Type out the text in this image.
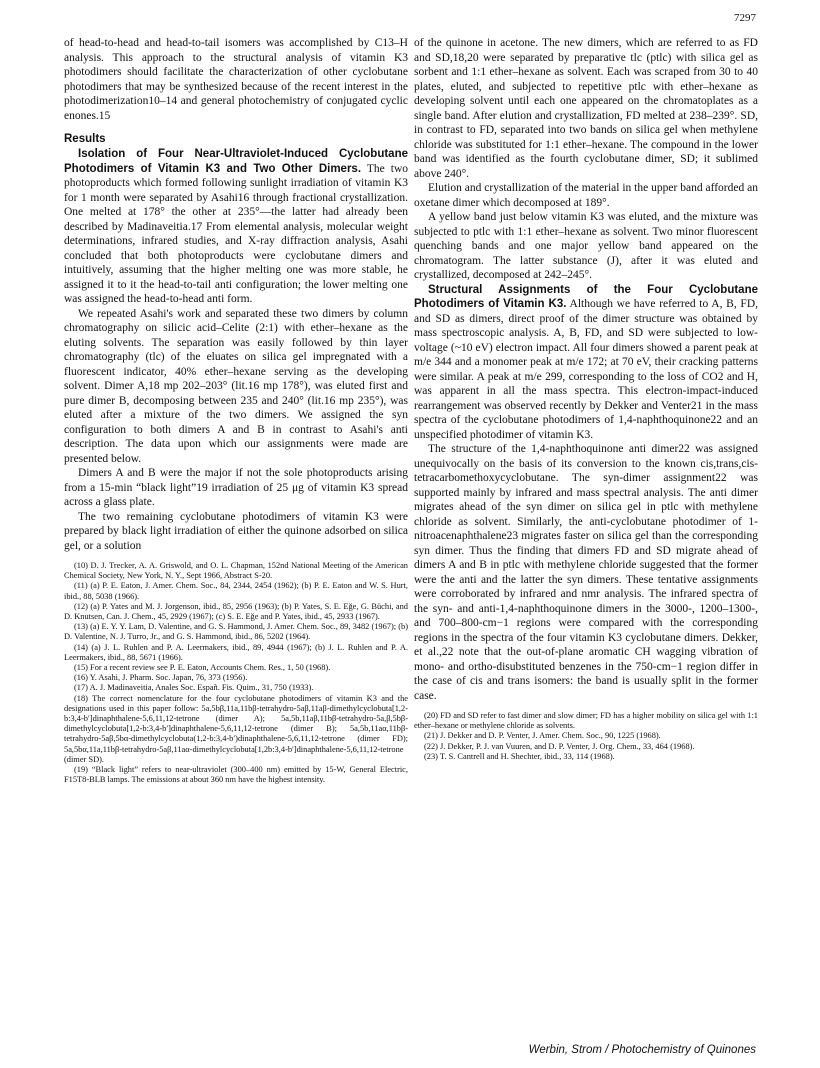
7297

of head-to-head and head-to-tail isomers was accomplished by C13–H analysis. This approach to the structural analysis of vitamin K3 photodimers should facilitate the characterization of other cyclobutane photodimers that may be synthesized because of the recent interest in the photodimerization10–14 and general photochemistry of conjugated cyclic enones.15

Results

Isolation of Four Near-Ultraviolet-Induced Cyclobutane Photodimers of Vitamin K3 and Two Other Dimers. The two photoproducts which formed following sunlight irradiation of vitamin K3 for 1 month were separated by Asahi16 through fractional crystallization. One melted at 178° the other at 235°—the latter had already been described by Madinaveitia.17 From elemental analysis, molecular weight determinations, infrared studies, and X-ray diffraction analysis, Asahi concluded that both photoproducts were cyclobutane dimers and intuitively, assuming that the higher melting one was more stable, he assigned it to it the head-to-tail anti configuration; the lower melting one was assigned the head-to-head anti form.

We repeated Asahi's work and separated these two dimers by column chromatography on silicic acid–Celite (2:1) with ether–hexane as the eluting solvents. The separation was easily followed by thin layer chromatography (tlc) of the eluates on silica gel impregnated with a fluorescent indicator, 40% ether–hexane serving as the developing solvent. Dimer A,18 mp 202–203° (lit.16 mp 178°), was eluted first and pure dimer B, decomposing between 235 and 240° (lit.16 mp 235°), was eluted after a mixture of the two dimers. We assigned the syn configuration to both dimers A and B in contrast to Asahi's anti description. The data upon which our assignments were made are presented below.

Dimers A and B were the major if not the sole photoproducts arising from a 15-min “black light”19 irradiation of 25 μg of vitamin K3 spread across a glass plate.

The two remaining cyclobutane photodimers of vitamin K3 were prepared by black light irradiation of either the quinone adsorbed on silica gel, or a solution

(10) D. J. Trecker, A. A. Griswold, and O. L. Chapman, 152nd National Meeting of the American Chemical Society, New York, N. Y., Sept 1966, Abstract S-20.

(11) (a) P. E. Eaton, J. Amer. Chem. Soc., 84, 2344, 2454 (1962); (b) P. E. Eaton and W. S. Hurt, ibid., 88, 5038 (1966).

(12) (a) P. Yates and M. J. Jorgenson, ibid., 85, 2956 (1963); (b) P. Yates, S. E. Eğe, G. Büchi, and D. Knutsen, Can. J. Chem., 45, 2929 (1967); (c) S. E. Eğe and P. Yates, ibid., 45, 2933 (1967).

(13) (a) E. Y. Y. Lam, D. Valentine, and G. S. Hammond, J. Amer. Chem. Soc., 89, 3482 (1967); (b) D. Valentine, N. J. Turro, Jr., and G. S. Hammond, ibid., 86, 5202 (1964).

(14) (a) J. L. Ruhlen and P. A. Leermakers, ibid., 89, 4944 (1967); (b) J. L. Ruhlen and P. A. Leermakers, ibid., 88, 5671 (1966).

(15) For a recent review see P. E. Eaton, Accounts Chem. Res., 1, 50 (1968).

(16) Y. Asahi, J. Pharm. Soc. Japan, 76, 373 (1956).

(17) A. J. Madinaveitia, Anales Soc. Españ. Fis. Quim., 31, 750 (1933).

(18) The correct nomenclature for the four cyclobutane photodimers of vitamin K3 and the designations used in this paper follow: 5a,5bβ,11a,11bβ-tetrahydro-5aβ,11aβ-dimethylcyclobuta[1,2-b:3,4-b′]dinaphthalene-5,6,11,12-tetrone (dimer A); 5a,5b,11aβ,11bβ-tetrahydro-5a,β,5bβ-dimethylcyclobuta[1,2-b:3,4-b′]dinaphthalene-5,6,11,12-tetrone (dimer B); 5a,5b,11aα,11bβ-tetrahydro-5aβ,5bα-dimethylcyclobuta(1,2-b:3,4-b′)dinaphthalene-5,6,11,12-tetrone (dimer FD); 5a,5bα,11a,11bβ-tetrahydro-5aβ,11aα-dimethylcyclobuta[1,2b:3,4-b′]dinaphthalene-5,6,11,12-tetrone (dimer SD).

(19) “Black light” refers to near-ultraviolet (300–400 nm) emitted by 15-W, General Electric, F15T8-BLB lamps. The emissions at about 360 nm have the highest intensity.

of the quinone in acetone. The new dimers, which are referred to as FD and SD,18,20 were separated by preparative tlc (ptlc) with silica gel as sorbent and 1:1 ether–hexane as solvent. Each was scraped from 30 to 40 plates, eluted, and subjected to repetitive ptlc with ether–hexane as developing solvent until each one appeared on the chromatoplates as a single band. After elution and crystallization, FD melted at 238–239°. SD, in contrast to FD, separated into two bands on silica gel when methylene chloride was substituted for 1:1 ether–hexane. The compound in the lower band was identified as the fourth cyclobutane dimer, SD; it sublimed above 240°.

Elution and crystallization of the material in the upper band afforded an oxetane dimer which decomposed at 189°.

A yellow band just below vitamin K3 was eluted, and the mixture was subjected to ptlc with 1:1 ether–hexane as solvent. Two minor fluorescent quenching bands and one major yellow band appeared on the chromatogram. The latter substance (J), after it was eluted and crystallized, decomposed at 242–245°.

Structural Assignments of the Four Cyclobutane Photodimers of Vitamin K3. Although we have referred to A, B, FD, and SD as dimers, direct proof of the dimer structure was obtained by mass spectroscopic analysis. A, B, FD, and SD were subjected to low-voltage (~10 eV) electron impact. All four dimers showed a parent peak at m/e 344 and a monomer peak at m/e 172; at 70 eV, their cracking patterns were similar. A peak at m/e 299, corresponding to the loss of CO2 and H, was apparent in all the mass spectra. This electron-impact-induced rearrangement was observed recently by Dekker and Venter21 in the mass spectra of the cyclobutane photodimers of 1,4-naphthoquinone22 and an unspecified photodimer of vitamin K3.

The structure of the 1,4-naphthoquinone anti dimer22 was assigned unequivocally on the basis of its conversion to the known cis,trans,cis-tetracarbomethoxycyclobutane. The syn-dimer assignment22 was supported mainly by infrared and mass spectral analysis. The anti dimer migrates ahead of the syn dimer on silica gel in ptlc with methylene chloride as solvent. Similarly, the anti-cyclobutane photodimer of 1-nitroacenaphthalene23 migrates faster on silica gel than the corresponding syn dimer. Thus the finding that dimers FD and SD migrate ahead of dimers A and B in ptlc with methylene chloride suggested that the former were the anti and the latter the syn dimers. These tentative assignments were corroborated by infrared and nmr analysis. The infrared spectra of the syn- and anti-1,4-naphthoquinone dimers in the 3000-, 1200–1300-, and 700–800-cm−1 regions were compared with the corresponding regions in the spectra of the four vitamin K3 cyclobutane dimers. Dekker, et al.,22 note that the out-of-plane aromatic CH wagging vibration of mono- and ortho-disubstituted benzenes in the 750-cm−1 region differ in the case of cis and trans isomers: the band is usually split in the former case.

(20) FD and SD refer to fast dimer and slow dimer; FD has a higher mobility on silica gel with 1:1 ether–hexane or methylene chloride as solvents.

(21) J. Dekker and D. P. Venter, J. Amer. Chem. Soc., 90, 1225 (1968).

(22) J. Dekker, P. J. van Vuuren, and D. P. Venter, J. Org. Chem., 33, 464 (1968).

(23) T. S. Cantrell and H. Shechter, ibid., 33, 114 (1968).

Werbin, Strom / Photochemistry of Quinones
